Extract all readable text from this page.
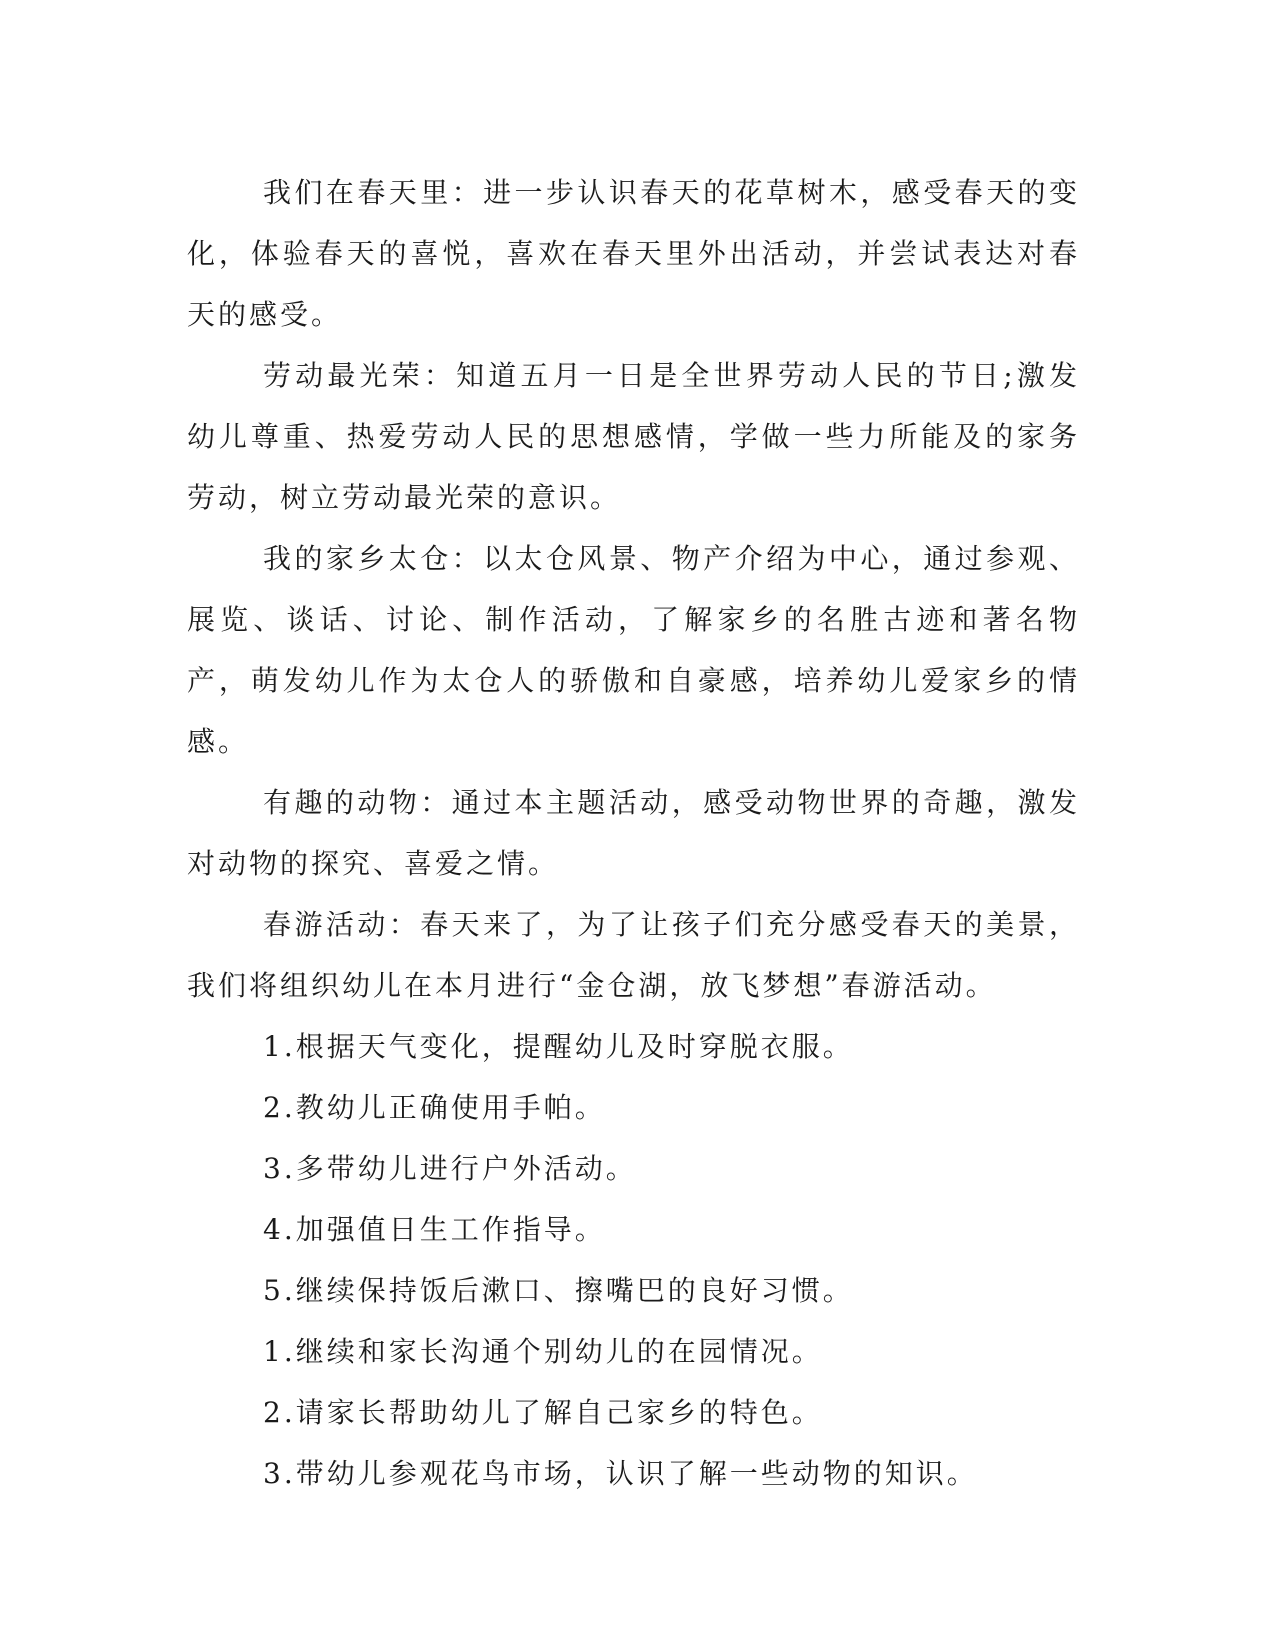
我们在春天里：进一步认识春天的花草树木，感受春天的变化，体验春天的喜悦，喜欢在春天里外出活动，并尝试表达对春天的感受。

劳动最光荣：知道五月一日是全世界劳动人民的节日;激发幼儿尊重、热爱劳动人民的思想感情，学做一些力所能及的家务劳动，树立劳动最光荣的意识。

我的家乡太仓：以太仓风景、物产介绍为中心，通过参观、展览、谈话、讨论、制作活动，了解家乡的名胜古迹和著名物产，萌发幼儿作为太仓人的骄傲和自豪感，培养幼儿爱家乡的情感。

有趣的动物：通过本主题活动，感受动物世界的奇趣，激发对动物的探究、喜爱之情。

春游活动：春天来了，为了让孩子们充分感受春天的美景，我们将组织幼儿在本月进行“金仓湖，放飞梦想”春游活动。

1.根据天气变化，提醒幼儿及时穿脱衣服。

2.教幼儿正确使用手帕。

3.多带幼儿进行户外活动。

4.加强值日生工作指导。

5.继续保持饭后漱口、擦嘴巴的良好习惯。

1.继续和家长沟通个别幼儿的在园情况。

2.请家长帮助幼儿了解自己家乡的特色。

3.带幼儿参观花鸟市场，认识了解一些动物的知识。
